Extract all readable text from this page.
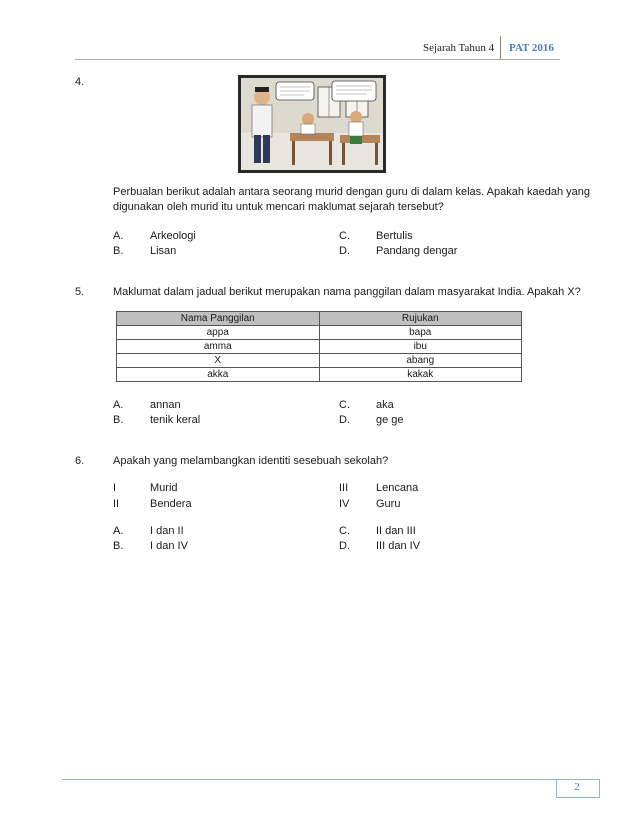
Sejarah Tahun 4 PAT 2016
4.
Perbualan berikut adalah antara seorang murid dengan guru di dalam kelas. Apakah kaedah yang
digunakan oleh murid itu untuk mencari maklumat sejarah tersebut?
A. Arkeologi
B. Lisan
C. Bertulis
D. Pandang dengar
5.	Maklumat dalam jadual berikut merupakan nama panggilan dalam masyarakat India. Apakah X?
Nama Panggilan	Rujukan
appa	bapa
amma	ibu
X	abang
akka	kakak
A. annan
B. tenik keral
C. aka
D. ge ge
6.	Apakah yang melambangkan identiti sesebuah sekolah?
I	Murid
II	Bendera
III	Lencana
IV Guru
A. I dan II
B. I dan IV
C. II dan III
D. III dan IV
2
